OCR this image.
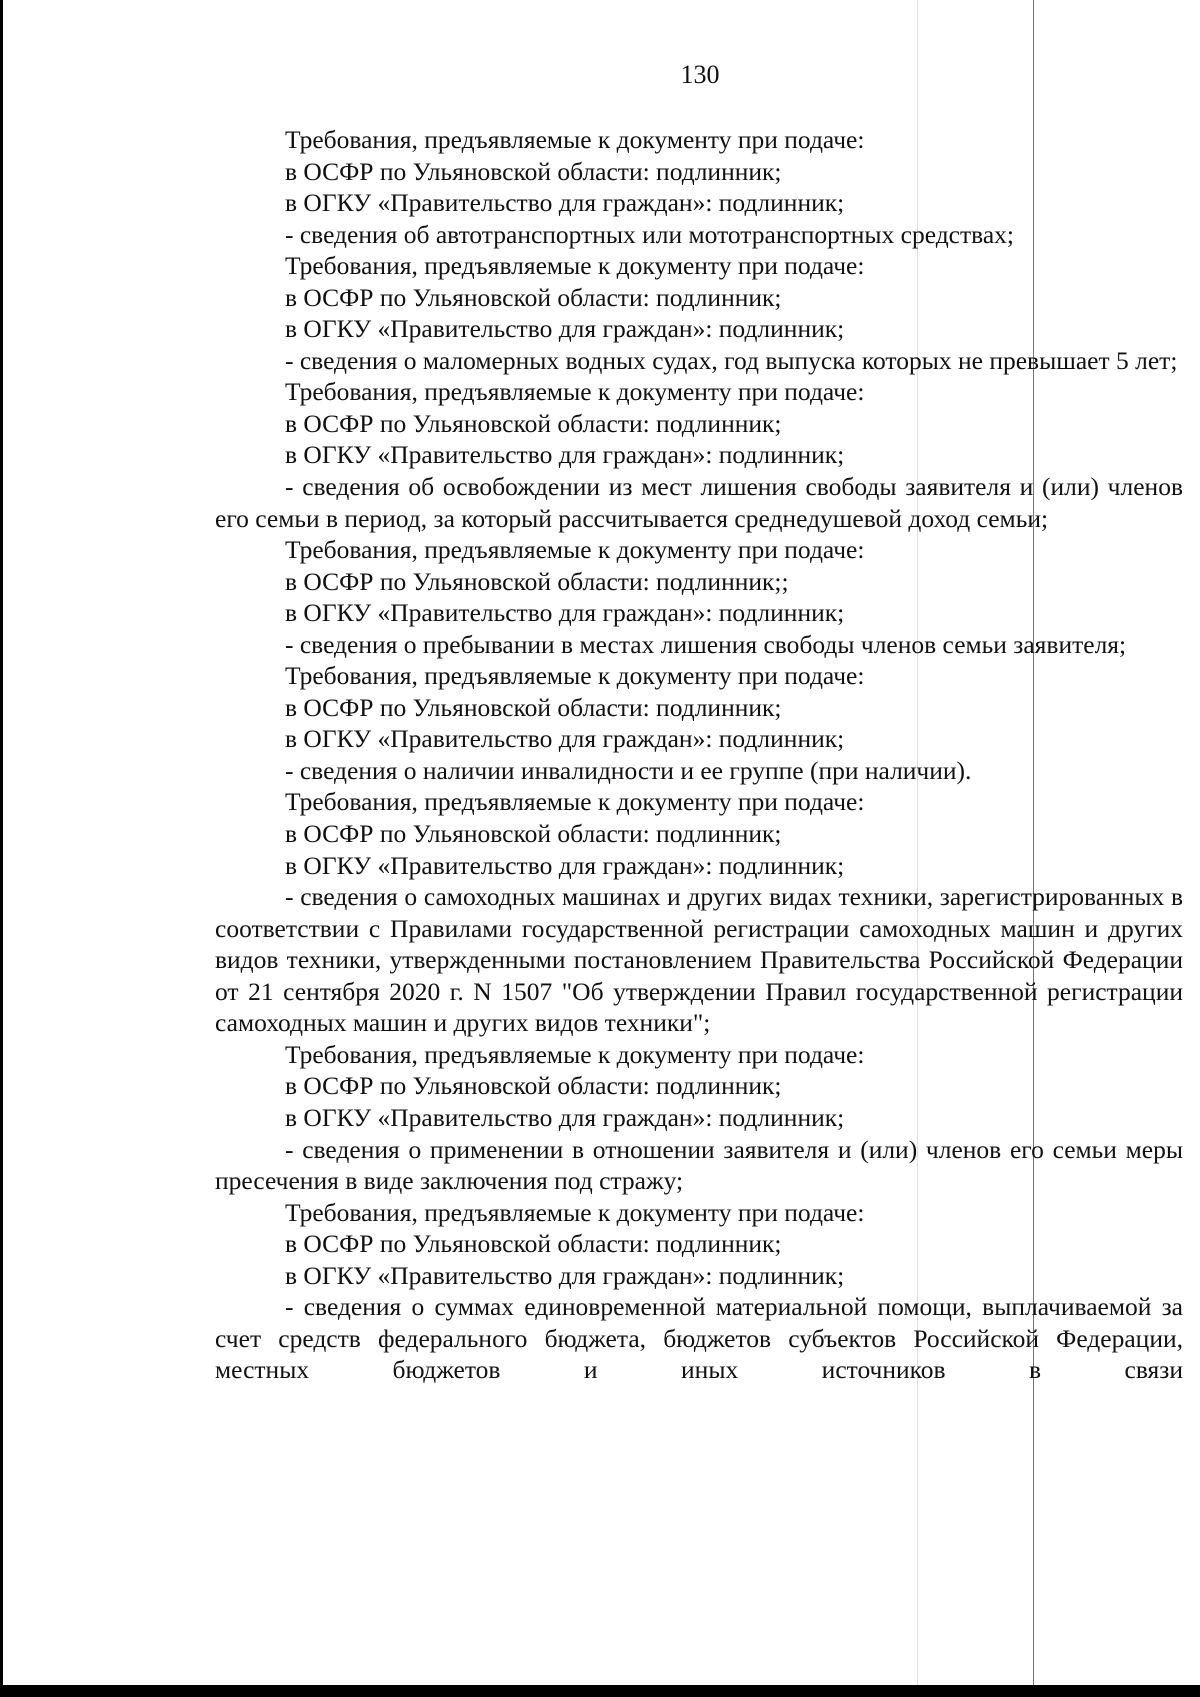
130

Требования, предъявляемые к документу при подаче:

в ОСФР по Ульяновской области: подлинник;

в ОГКУ «Правительство для граждан»: подлинник;

- сведения об автотранспортных или мототранспортных средствах;

Требования, предъявляемые к документу при подаче:

в ОСФР по Ульяновской области: подлинник;

в ОГКУ «Правительство для граждан»: подлинник;

- сведения о маломерных водных судах, год выпуска которых не превышает 5 лет;

Требования, предъявляемые к документу при подаче:

в ОСФР по Ульяновской области: подлинник;

в ОГКУ «Правительство для граждан»: подлинник;

- сведения об освобождении из мест лишения свободы заявителя и (или) членов его семьи в период, за который рассчитывается среднедушевой доход семьи;

Требования, предъявляемые к документу при подаче:

в ОСФР по Ульяновской области: подлинник;;

в ОГКУ «Правительство для граждан»: подлинник;

- сведения о пребывании в местах лишения свободы членов семьи заявителя;

Требования, предъявляемые к документу при подаче:

в ОСФР по Ульяновской области: подлинник;

в ОГКУ «Правительство для граждан»: подлинник;

- сведения о наличии инвалидности и ее группе (при наличии).

Требования, предъявляемые к документу при подаче:

в ОСФР по Ульяновской области: подлинник;

в ОГКУ «Правительство для граждан»: подлинник;

- сведения о самоходных машинах и других видах техники, зарегистрированных в соответствии с Правилами государственной регистрации самоходных машин и других видов техники, утвержденными постановлением Правительства Российской Федерации от 21 сентября 2020 г. N 1507 "Об утверждении Правил государственной регистрации самоходных машин и других видов техники";

Требования, предъявляемые к документу при подаче:

в ОСФР по Ульяновской области: подлинник;

в ОГКУ «Правительство для граждан»: подлинник;

- сведения о применении в отношении заявителя и (или) членов его семьи меры пресечения в виде заключения под стражу;

Требования, предъявляемые к документу при подаче:

в ОСФР по Ульяновской области: подлинник;

в ОГКУ «Правительство для граждан»: подлинник;

- сведения о суммах единовременной материальной помощи, выплачиваемой за счет средств федерального бюджета, бюджетов субъектов Российской Федерации, местных бюджетов и иных источников в связи
